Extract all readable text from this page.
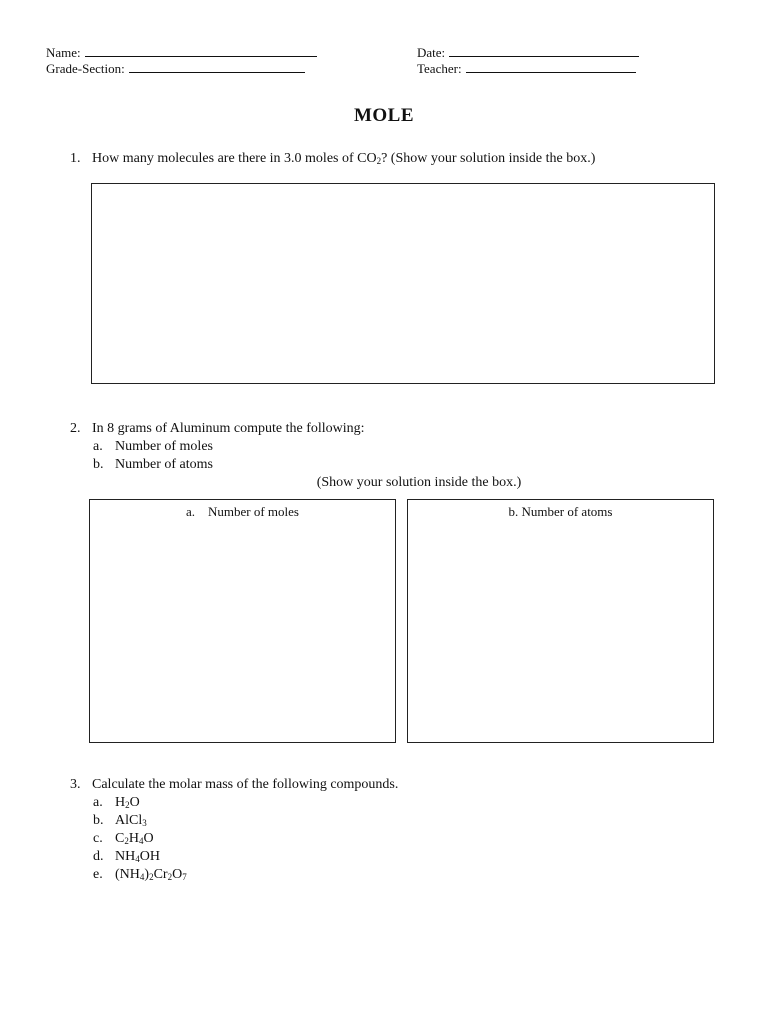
Name:
Grade-Section:
Date:
Teacher:
MOLE
1. How many molecules are there in 3.0 moles of $CO_2$? (Show your solution inside the box.)
2. In 8 grams of Aluminum compute the following:
a. Number of moles
b. Number of atoms
(Show your solution inside the box.)
a.    Number of moles	b. Number of atoms
3. Calculate the molar mass of the following compounds.
a. $H_2O$
b. AlCl$_3$
c. $C_2H_4O$
d. $NH_4OH$
e. $(NH_4)_2Cr_2O_7$
